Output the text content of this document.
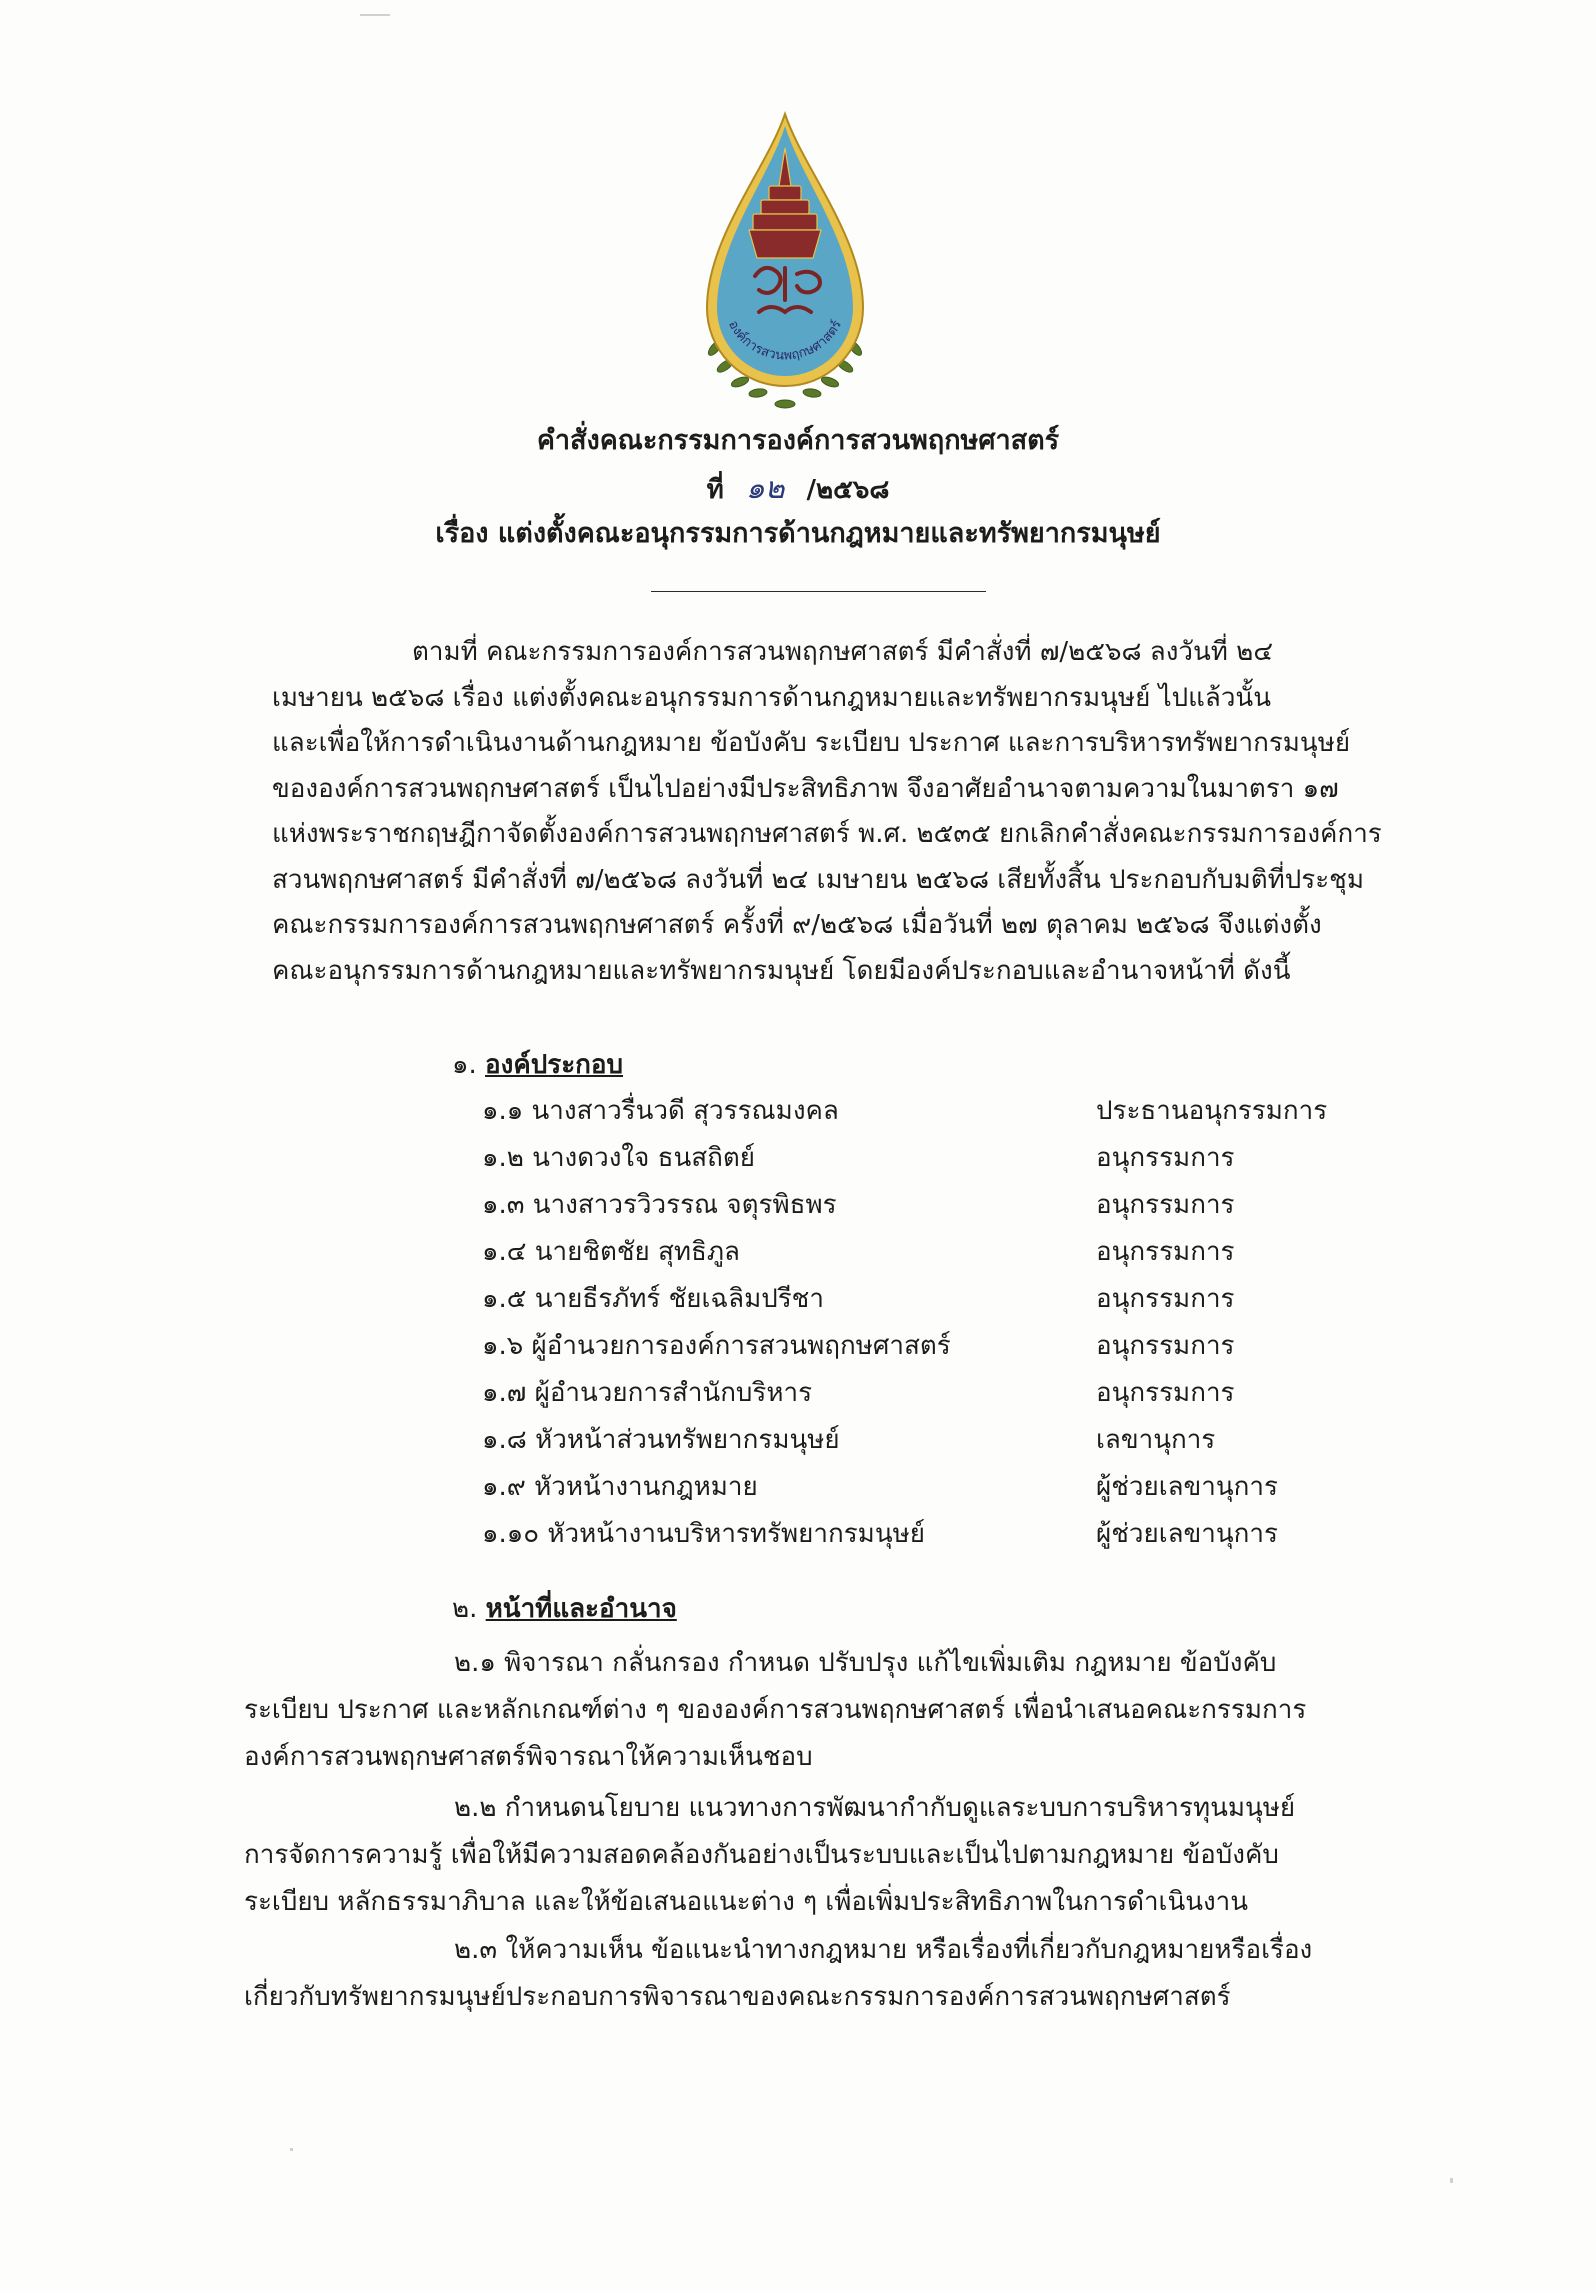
องค์การสวนพฤกษศาสตร์
คำสั่งคณะกรรมการองค์การสวนพฤกษศาสตร์
ที่ ๑๒ /๒๕๖๘
เรื่อง แต่งตั้งคณะอนุกรรมการด้านกฎหมายและทรัพยากรมนุษย์
ตามที่ คณะกรรมการองค์การสวนพฤกษศาสตร์ มีคำสั่งที่ ๗/๒๕๖๘ ลงวันที่ ๒๔
เมษายน ๒๕๖๘ เรื่อง แต่งตั้งคณะอนุกรรมการด้านกฎหมายและทรัพยากรมนุษย์ ไปแล้วนั้น
และเพื่อให้การดำเนินงานด้านกฎหมาย ข้อบังคับ ระเบียบ ประกาศ และการบริหารทรัพยากรมนุษย์
ขององค์การสวนพฤกษศาสตร์ เป็นไปอย่างมีประสิทธิภาพ จึงอาศัยอำนาจตามความในมาตรา ๑๗
แห่งพระราชกฤษฎีกาจัดตั้งองค์การสวนพฤกษศาสตร์ พ.ศ. ๒๕๓๕ ยกเลิกคำสั่งคณะกรรมการองค์การ
สวนพฤกษศาสตร์ มีคำสั่งที่ ๗/๒๕๖๘ ลงวันที่ ๒๔ เมษายน ๒๕๖๘ เสียทั้งสิ้น ประกอบกับมติที่ประชุม
คณะกรรมการองค์การสวนพฤกษศาสตร์ ครั้งที่ ๙/๒๕๖๘ เมื่อวันที่ ๒๗ ตุลาคม ๒๕๖๘ จึงแต่งตั้ง
คณะอนุกรรมการด้านกฎหมายและทรัพยากรมนุษย์ โดยมีองค์ประกอบและอำนาจหน้าที่ ดังนี้
๑. องค์ประกอบ
๑.๑ นางสาวรื่นวดี สุวรรณมงคล	ประธานอนุกรรมการ
๑.๒ นางดวงใจ ธนสถิตย์	อนุกรรมการ
๑.๓ นางสาวรวิวรรณ จตุรพิธพร	อนุกรรมการ
๑.๔ นายชิตชัย สุทธิภูล	อนุกรรมการ
๑.๕ นายธีรภัทร์ ชัยเฉลิมปรีชา	อนุกรรมการ
๑.๖ ผู้อำนวยการองค์การสวนพฤกษศาสตร์	อนุกรรมการ
๑.๗ ผู้อำนวยการสำนักบริหาร	อนุกรรมการ
๑.๘ หัวหน้าส่วนทรัพยากรมนุษย์	เลขานุการ
๑.๙ หัวหน้างานกฎหมาย	ผู้ช่วยเลขานุการ
๑.๑๐ หัวหน้างานบริหารทรัพยากรมนุษย์	ผู้ช่วยเลขานุการ
๒. หน้าที่และอำนาจ
๒.๑ พิจารณา กลั่นกรอง กำหนด ปรับปรุง แก้ไขเพิ่มเติม กฎหมาย ข้อบังคับ
ระเบียบ ประกาศ และหลักเกณฑ์ต่าง ๆ ขององค์การสวนพฤกษศาสตร์ เพื่อนำเสนอคณะกรรมการ
องค์การสวนพฤกษศาสตร์พิจารณาให้ความเห็นชอบ
๒.๒ กำหนดนโยบาย แนวทางการพัฒนากำกับดูแลระบบการบริหารทุนมนุษย์
การจัดการความรู้ เพื่อให้มีความสอดคล้องกันอย่างเป็นระบบและเป็นไปตามกฎหมาย ข้อบังคับ
ระเบียบ หลักธรรมาภิบาล และให้ข้อเสนอแนะต่าง ๆ เพื่อเพิ่มประสิทธิภาพในการดำเนินงาน
๒.๓ ให้ความเห็น ข้อแนะนำทางกฎหมาย หรือเรื่องที่เกี่ยวกับกฎหมายหรือเรื่อง
เกี่ยวกับทรัพยากรมนุษย์ประกอบการพิจารณาของคณะกรรมการองค์การสวนพฤกษศาสตร์
